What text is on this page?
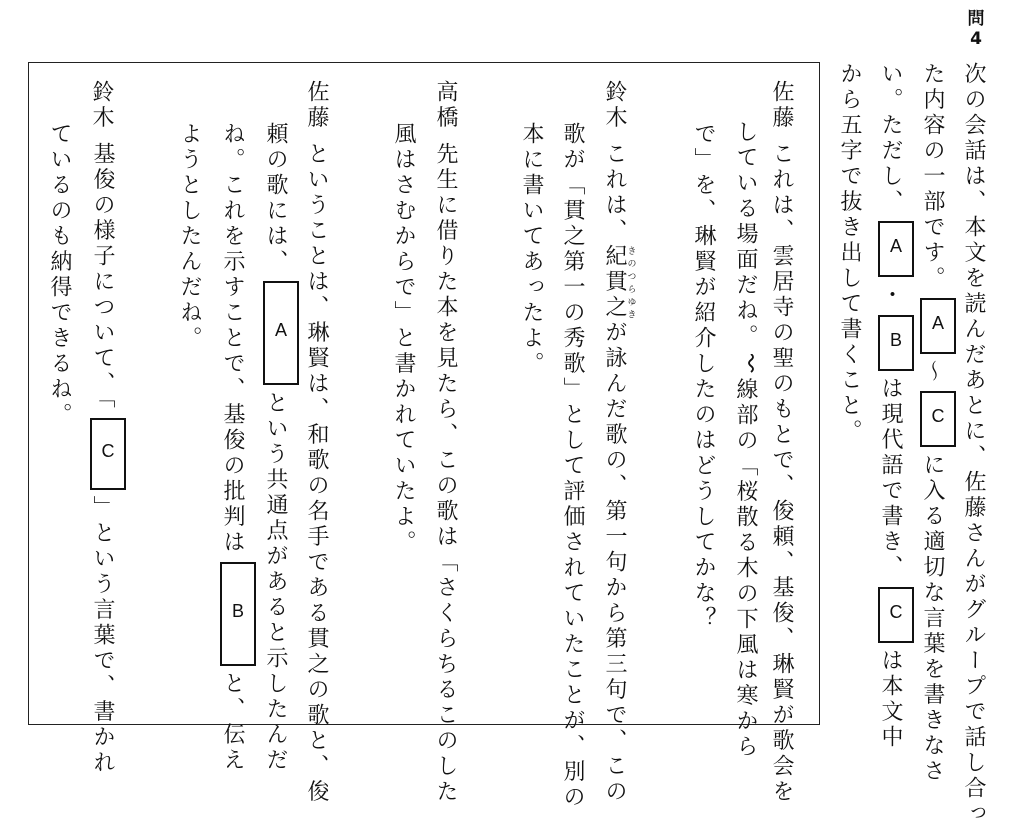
問
4
次の会話は、本文を読んだあとに、佐藤さんがグループで話し合っ
た内容の一部です。
A
〜
C
に入る適切な言葉を書きなさ
い。ただし、
A
・
B
は現代語で書き、
C
は本文中
から五字で抜き出して書くこと。
佐藤
これは、雲居寺の聖のもとで、俊頼、基俊、琳賢が歌会を
している場面だね。線部の「桜散る木の下風は寒から
で」を、琳賢が紹介したのはどうしてかな？
鈴木
これは、紀貫之きのつらゆきが詠んだ歌の、第一句から第三句で、この
歌が「貫之第一の秀歌」として評価されていたことが、別の
本に書いてあったよ。
高橋
先生に借りた本を見たら、この歌は「さくらちるこのした
風はさむからで」と書かれていたよ。
佐藤
ということは、琳賢は、和歌の名手である貫之の歌と、俊
頼の歌には、
A
という共通点があると示したんだ
ね。これを示すことで、基俊の批判は
B
と、伝え
ようとしたんだね。
鈴木
基俊の様子について、「
C
」という言葉で、書かれ
ているのも納得できるね。
